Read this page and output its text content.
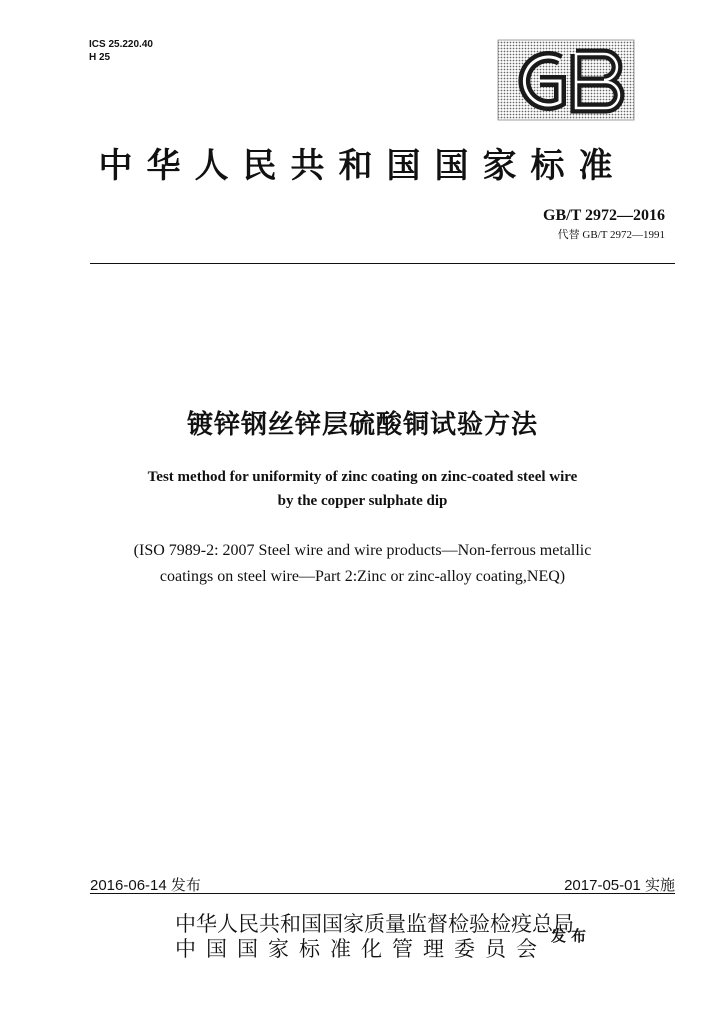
ICS 25.220.40
H 25
中华人民共和国国家标准
GB/T 2972—2016
代替 GB/T 2972—1991
镀锌钢丝锌层硫酸铜试验方法
Test method for uniformity of zinc coating on zinc-coated steel wire
by the copper sulphate dip
(ISO 7989-2: 2007 Steel wire and wire products—Non-ferrous metallic
coatings on steel wire—Part 2:Zinc or zinc-alloy coating,NEQ)
2016-06-14 发布	2017-05-01 实施
中华人民共和国国家质量监督检验检疫总局
中国国家标准化管理委员会
发布
